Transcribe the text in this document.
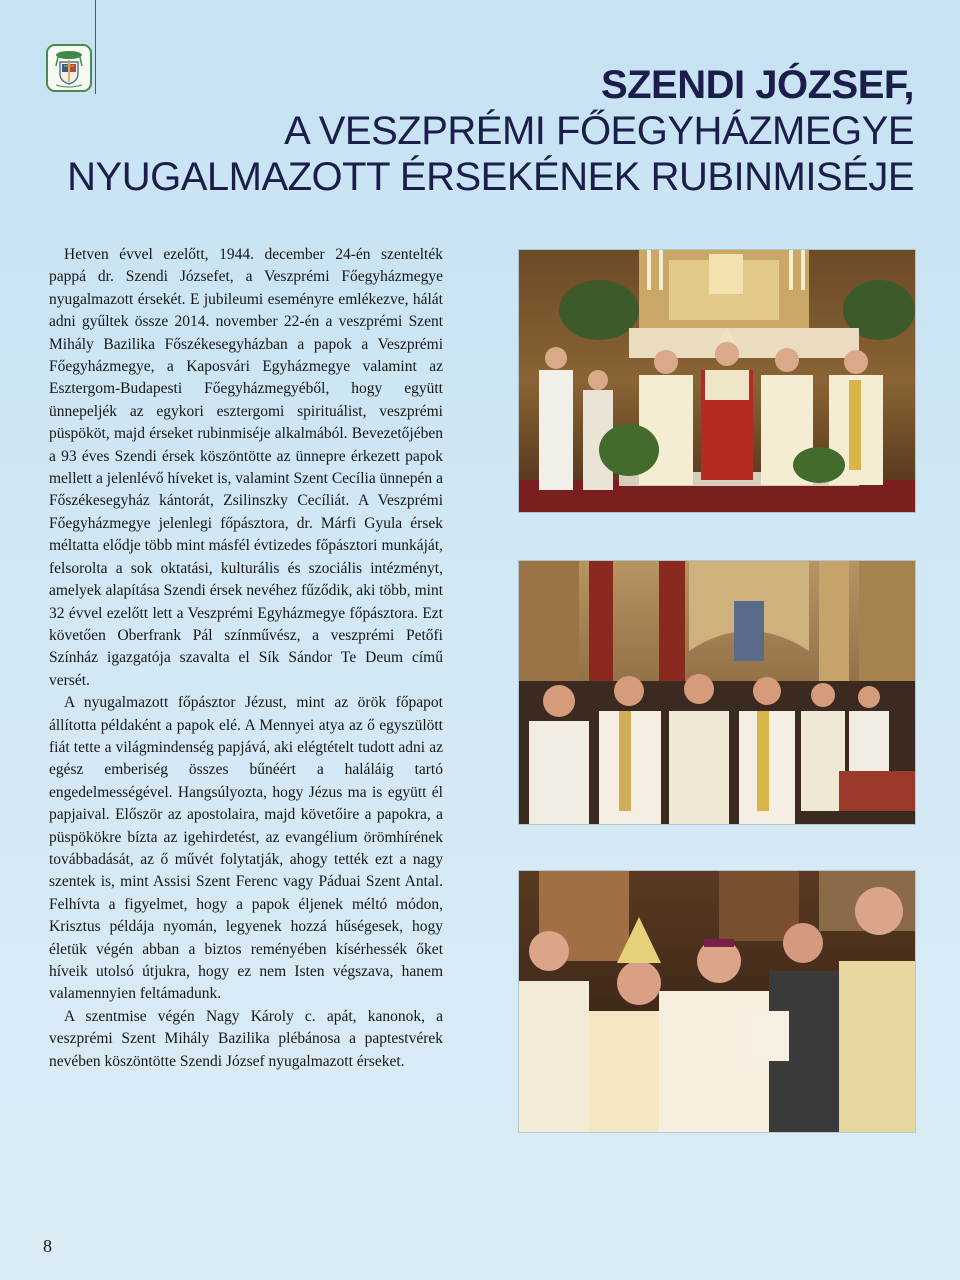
SZENDI JÓZSEF,
A VESZPRÉMI FŐEGYHÁZMEGYE
NYUGALMAZOTT ÉRSEKÉNEK RUBINMISÉJE

Hetven évvel ezelőtt, 1944. december 24-én szentelték pappá dr. Szendi Józsefet, a Veszprémi Főegyházmegye nyugalmazott érsekét. E jubileumi eseményre emlékezve, hálát adni gyűltek össze 2014. november 22-én a veszprémi Szent Mihály Bazilika Főszékesegyházban a papok a Veszprémi Főegyházmegye, a Kaposvári Egyházmegye valamint az Esztergom-Budapesti Főegyházmegyéből, hogy együtt ünnepeljék az egykori esztergomi spirituálist, veszprémi püspököt, majd érseket rubinmiséje alkalmából. Bevezetőjében a 93 éves Szendi érsek köszöntötte az ünnepre érkezett papok mellett a jelenlévő híveket is, valamint Szent Cecília ünnepén a Főszékesegyház kántorát, Zsilinszky Cecíliát. A Veszprémi Főegyházmegye jelenlegi főpásztora, dr. Márfi Gyula érsek méltatta elődje több mint másfél évtizedes főpásztori munkáját, felsorolta a sok oktatási, kulturális és szociális intézményt, amelyek alapítása Szendi érsek nevéhez fűződik, aki több, mint 32 évvel ezelőtt lett a Veszprémi Egyházmegye főpásztora. Ezt követően Oberfrank Pál színművész, a veszprémi Petőfi Színház igazgatója szavalta el Sík Sándor Te Deum című versét.

A nyugalmazott főpásztor Jézust, mint az örök főpapot állította példaként a papok elé. A Mennyei atya az ő egyszülött fiát tette a világmindenség papjává, aki elégtételt tudott adni az egész emberiség összes bűnéért a haláláig tartó engedelmességével. Hangsúlyozta, hogy Jézus ma is együtt él papjaival. Először az apostolaira, majd követőire a papokra, a püspökökre bízta az igehirdetést, az evangélium örömhírének továbbadását, az ő művét folytatják, ahogy tették ezt a nagy szentek is, mint Assisi Szent Ferenc vagy Páduai Szent Antal. Felhívta a figyelmet, hogy a papok éljenek méltó módon, Krisztus példája nyomán, legyenek hozzá hűségesek, hogy életük végén abban a biztos reményében kísérhessék őket híveik utolsó útjukra, hogy ez nem Isten végszava, hanem valamennyien feltámadunk.

A szentmise végén Nagy Károly c. apát, kanonok, a veszprémi Szent Mihály Bazilika plébánosa a paptestvérek nevében köszöntötte Szendi József nyugalmazott érseket.

8
